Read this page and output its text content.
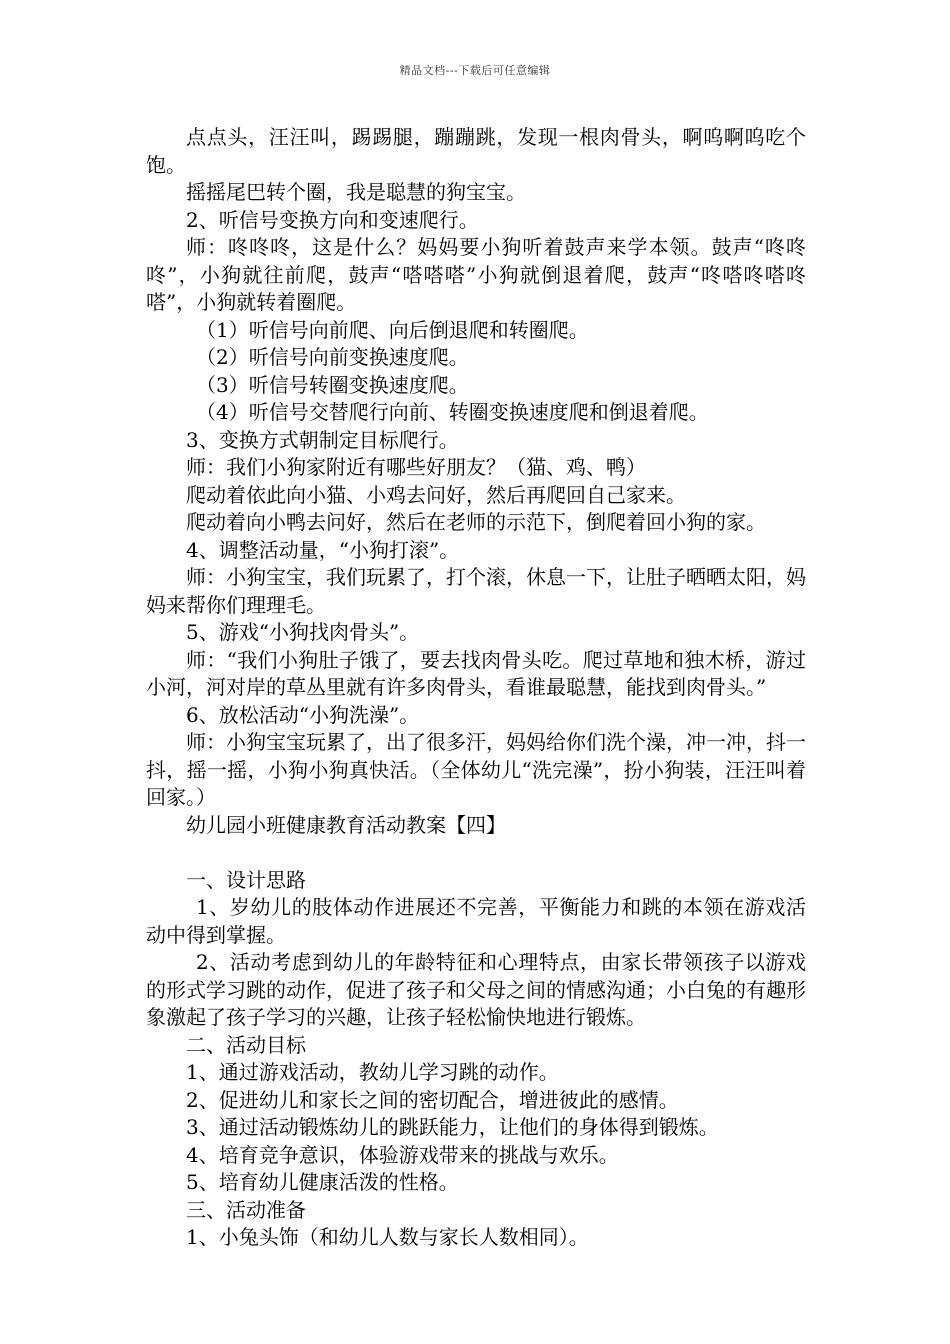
精品文档---下载后可任意编辑

点点头，汪汪叫，踢踢腿，蹦蹦跳，发现一根肉骨头，啊呜啊呜吃个饱。

摇摇尾巴转个圈，我是聪慧的狗宝宝。

2、听信号变换方向和变速爬行。

师：咚咚咚，这是什么？妈妈要小狗听着鼓声来学本领。鼓声“咚咚咚”，小狗就往前爬，鼓声“嗒嗒嗒”小狗就倒退着爬，鼓声“咚嗒咚嗒咚嗒”，小狗就转着圈爬。

（1）听信号向前爬、向后倒退爬和转圈爬。

（2）听信号向前变换速度爬。

（3）听信号转圈变换速度爬。

（4）听信号交替爬行向前、转圈变换速度爬和倒退着爬。

3、变换方式朝制定目标爬行。

师：我们小狗家附近有哪些好朋友？（猫、鸡、鸭）

爬动着依此向小猫、小鸡去问好，然后再爬回自己家来。

爬动着向小鸭去问好，然后在老师的示范下，倒爬着回小狗的家。

4、调整活动量，“小狗打滚”。

师：小狗宝宝，我们玩累了，打个滚，休息一下，让肚子晒晒太阳，妈妈来帮你们理理毛。

5、游戏“小狗找肉骨头”。

师：“我们小狗肚子饿了，要去找肉骨头吃。爬过草地和独木桥，游过小河，河对岸的草丛里就有许多肉骨头，看谁最聪慧，能找到肉骨头。”

6、放松活动“小狗洗澡”。

师：小狗宝宝玩累了，出了很多汗，妈妈给你们洗个澡，冲一冲，抖一抖，摇一摇，小狗小狗真快活。（全体幼儿“洗完澡”，扮小狗装，汪汪叫着回家。）

幼儿园小班健康教育活动教案【四】

一、设计思路

1、岁幼儿的肢体动作进展还不完善，平衡能力和跳的本领在游戏活动中得到掌握。

2、活动考虑到幼儿的年龄特征和心理特点，由家长带领孩子以游戏的形式学习跳的动作，促进了孩子和父母之间的情感沟通；小白兔的有趣形象激起了孩子学习的兴趣，让孩子轻松愉快地进行锻炼。

二、活动目标

1、通过游戏活动，教幼儿学习跳的动作。

2、促进幼儿和家长之间的密切配合，增进彼此的感情。

3、通过活动锻炼幼儿的跳跃能力，让他们的身体得到锻炼。

4、培育竞争意识，体验游戏带来的挑战与欢乐。

5、培育幼儿健康活泼的性格。

三、活动准备

1、小兔头饰（和幼儿人数与家长人数相同）。
